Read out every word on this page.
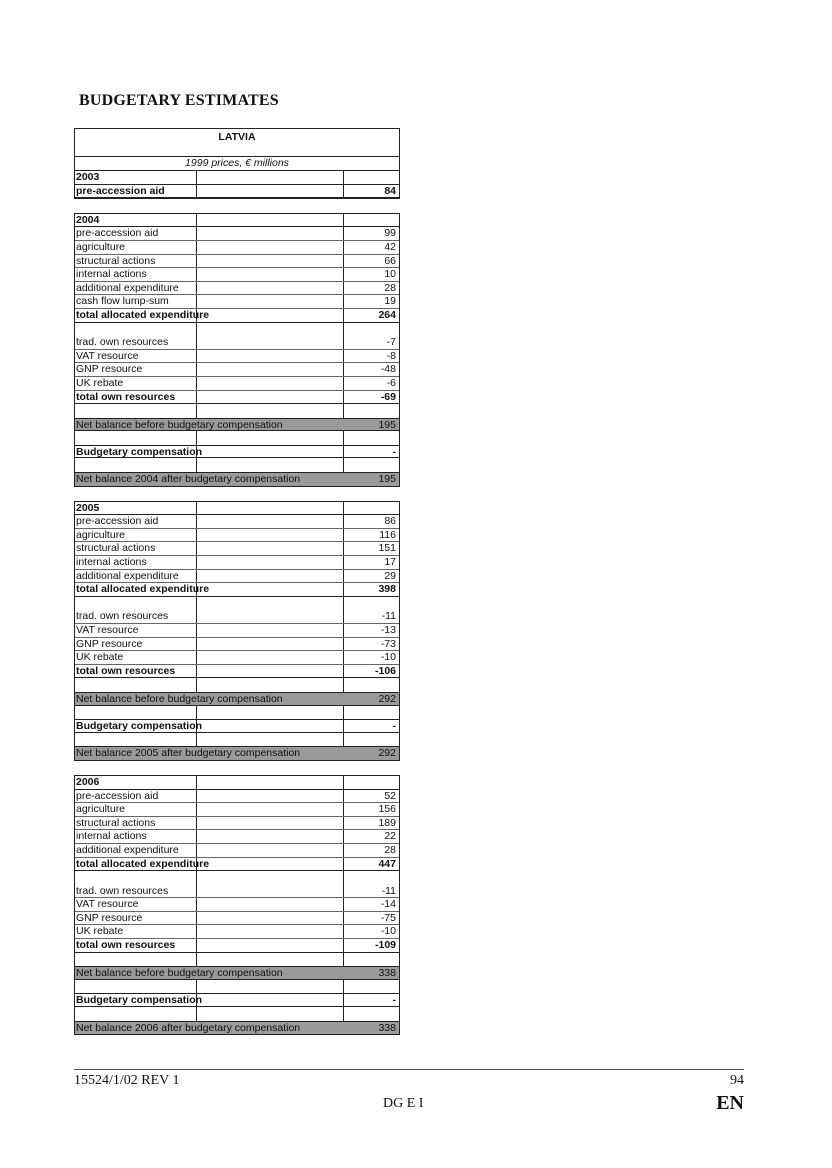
BUDGETARY ESTIMATES
LATVIA
1999 prices, € millions
2003
pre-accession aid	84
2004
pre-accession aid	99
agriculture	42
structural actions	66
internal actions	10
additional expenditure	28
cash flow lump-sum	19
total allocated expenditure	264
trad. own resources	-7
VAT resource	-8
GNP resource	-48
UK rebate	-6
total own resources	-69
Net balance before budgetary compensation	195
Budgetary compensation	-
Net balance 2004 after budgetary compensation	195
2005
pre-accession aid	86
agriculture	116
structural actions	151
internal actions	17
additional expenditure	29
total allocated expenditure	398
trad. own resources	-11
VAT resource	-13
GNP resource	-73
UK rebate	-10
total own resources	-106
Net balance before budgetary compensation	292
Budgetary compensation	-
Net balance 2005 after budgetary compensation	292
2006
pre-accession aid	52
agriculture	156
structural actions	189
internal actions	22
additional expenditure	28
total allocated expenditure	447
trad. own resources	-11
VAT resource	-14
GNP resource	-75
UK rebate	-10
total own resources	-109
Net balance before budgetary compensation	338
Budgetary compensation	-
Net balance 2006 after budgetary compensation	338
15524/1/02 REV 1	94
DG E I	EN
